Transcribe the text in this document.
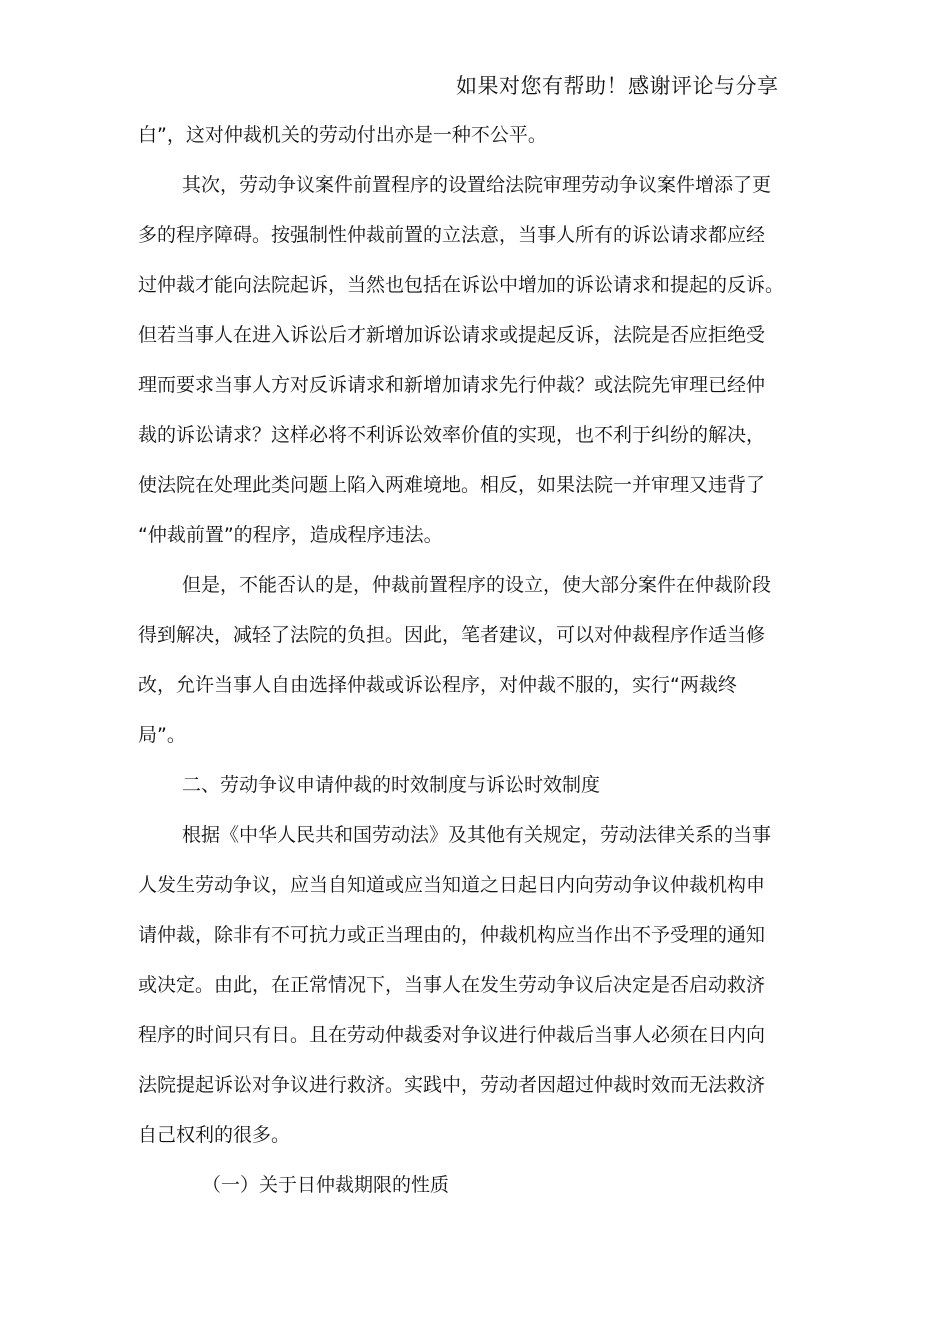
如果对您有帮助！感谢评论与分享
白”，这对仲裁机关的劳动付出亦是一种不公平。
其次，劳动争议案件前置程序的设置给法院审理劳动争议案件增添了更
多的程序障碍。按强制性仲裁前置的立法意，当事人所有的诉讼请求都应经
过仲裁才能向法院起诉，当然也包括在诉讼中增加的诉讼请求和提起的反诉。
但若当事人在进入诉讼后才新增加诉讼请求或提起反诉，法院是否应拒绝受
理而要求当事人方对反诉请求和新增加请求先行仲裁？或法院先审理已经仲
裁的诉讼请求？这样必将不利诉讼效率价值的实现，也不利于纠纷的解决，
使法院在处理此类问题上陷入两难境地。相反，如果法院一并审理又违背了
“仲裁前置”的程序，造成程序违法。
但是，不能否认的是，仲裁前置程序的设立，使大部分案件在仲裁阶段
得到解决，减轻了法院的负担。因此，笔者建议，可以对仲裁程序作适当修
改，允许当事人自由选择仲裁或诉讼程序，对仲裁不服的，实行“两裁终
局”。
二、劳动争议申请仲裁的时效制度与诉讼时效制度
根据《中华人民共和国劳动法》及其他有关规定，劳动法律关系的当事
人发生劳动争议，应当自知道或应当知道之日起日内向劳动争议仲裁机构申
请仲裁，除非有不可抗力或正当理由的，仲裁机构应当作出不予受理的通知
或决定。由此，在正常情况下，当事人在发生劳动争议后决定是否启动救济
程序的时间只有日。且在劳动仲裁委对争议进行仲裁后当事人必须在日内向
法院提起诉讼对争议进行救济。实践中，劳动者因超过仲裁时效而无法救济
自己权利的很多。
（一）关于日仲裁期限的性质
